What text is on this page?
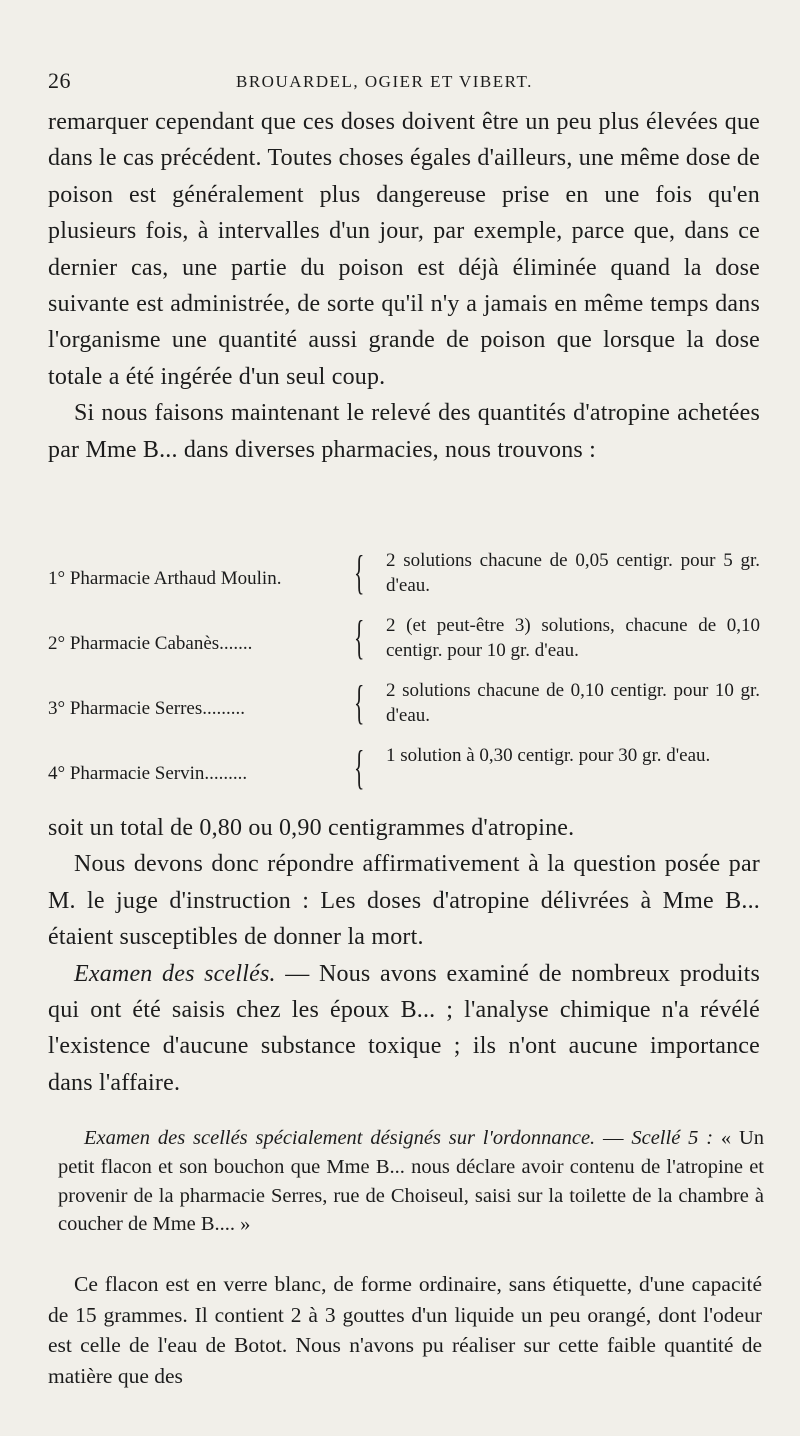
26	BROUARDEL, OGIER ET VIBERT.

remarquer cependant que ces doses doivent être un peu plus élevées que dans le cas précédent. Toutes choses égales d'ailleurs, une même dose de poison est généralement plus dangereuse prise en une fois qu'en plusieurs fois, à intervalles d'un jour, par exemple, parce que, dans ce dernier cas, une partie du poison est déjà éliminée quand la dose suivante est administrée, de sorte qu'il n'y a jamais en même temps dans l'organisme une quantité aussi grande de poison que lorsque la dose totale a été ingérée d'un seul coup.

Si nous faisons maintenant le relevé des quantités d'atropine achetées par Mme B... dans diverses pharmacies, nous trouvons :

1° Pharmacie Arthaud Moulin.	{ 2 solutions chacune de 0,05 centigr. pour 5 gr. d'eau.
2° Pharmacie Cabanès.......	{ 2 (et peut-être 3) solutions, chacune de 0,10 centigr. pour 10 gr. d'eau.
3° Pharmacie Serres.........	{ 2 solutions chacune de 0,10 centigr. pour 10 gr. d'eau.
4° Pharmacie Servin.........	{ 1 solution à 0,30 centigr. pour 30 gr. d'eau.

soit un total de 0,80 ou 0,90 centigrammes d'atropine.

Nous devons donc répondre affirmativement à la question posée par M. le juge d'instruction : Les doses d'atropine délivrées à Mme B... étaient susceptibles de donner la mort.

Examen des scellés. — Nous avons examiné de nombreux produits qui ont été saisis chez les époux B... ; l'analyse chimique n'a révélé l'existence d'aucune substance toxique ; ils n'ont aucune importance dans l'affaire.

Examen des scellés spécialement désignés sur l'ordonnance. — Scellé 5 : « Un petit flacon et son bouchon que Mme B... nous déclare avoir contenu de l'atropine et provenir de la pharmacie Serres, rue de Choiseul, saisi sur la toilette de la chambre à coucher de Mme B.... »

Ce flacon est en verre blanc, de forme ordinaire, sans étiquette, d'une capacité de 15 grammes. Il contient 2 à 3 gouttes d'un liquide un peu orangé, dont l'odeur est celle de l'eau de Botot. Nous n'avons pu réaliser sur cette faible quantité de matière que des
